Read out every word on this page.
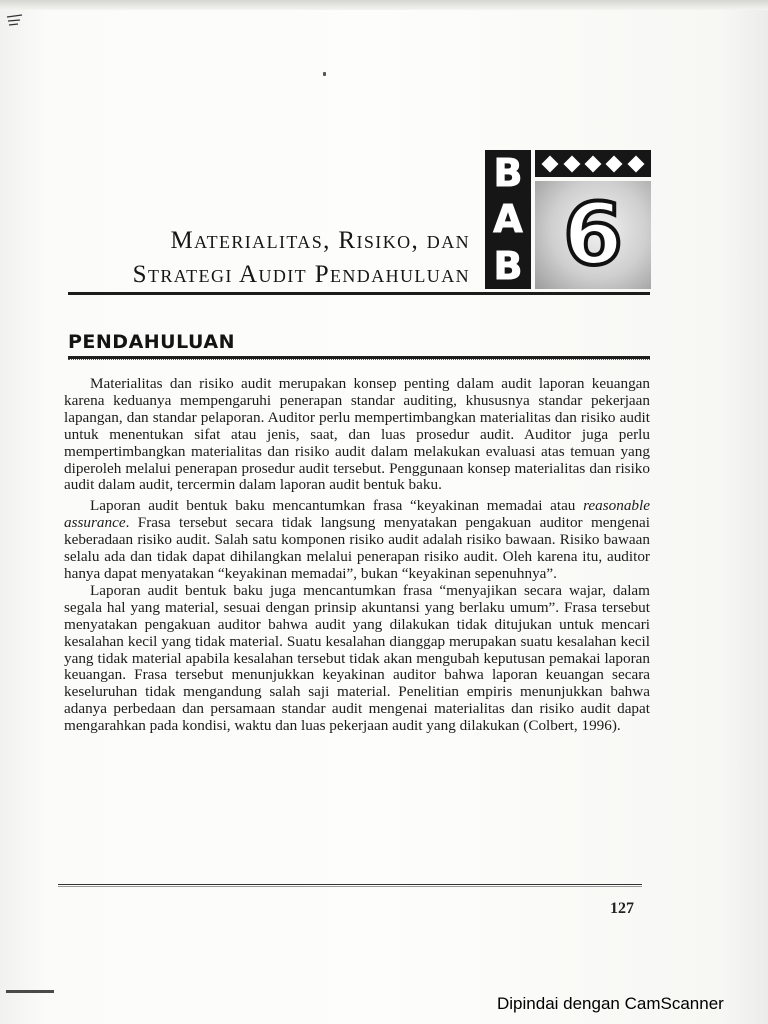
B
A
B 6
Materialitas, Risiko, dan
Strategi Audit Pendahuluan
PENDAHULUAN

Materialitas dan risiko audit merupakan konsep penting dalam audit laporan keuangan karena keduanya mempengaruhi penerapan standar auditing, khususnya standar pekerjaan lapangan, dan standar pelaporan. Auditor perlu mempertimbangkan materialitas dan risiko audit untuk menentukan sifat atau jenis, saat, dan luas prosedur audit. Auditor juga perlu mempertimbangkan materialitas dan risiko audit dalam melakukan evaluasi atas temuan yang diperoleh melalui penerapan prosedur audit tersebut. Penggunaan konsep materialitas dan risiko audit dalam audit, tercermin dalam laporan audit bentuk baku.

Laporan audit bentuk baku mencantumkan frasa “keyakinan memadai atau reasonable assurance. Frasa tersebut secara tidak langsung menyatakan pengakuan auditor mengenai keberadaan risiko audit. Salah satu komponen risiko audit adalah risiko bawaan. Risiko bawaan selalu ada dan tidak dapat dihilangkan melalui penerapan risiko audit. Oleh karena itu, auditor hanya dapat menyatakan “keyakinan memadai”, bukan “keyakinan sepenuhnya”.

Laporan audit bentuk baku juga mencantumkan frasa “menyajikan secara wajar, dalam segala hal yang material, sesuai dengan prinsip akuntansi yang berlaku umum”. Frasa tersebut menyatakan pengakuan auditor bahwa audit yang dilakukan tidak ditujukan untuk mencari kesalahan kecil yang tidak material. Suatu kesalahan dianggap merupakan suatu kesalahan kecil yang tidak material apabila kesalahan tersebut tidak akan mengubah keputusan pemakai laporan keuangan. Frasa tersebut menunjukkan keyakinan auditor bahwa laporan keuangan secara keseluruhan tidak mengandung salah saji material. Penelitian empiris menunjukkan bahwa adanya perbedaan dan persamaan standar audit mengenai materialitas dan risiko audit dapat mengarahkan pada kondisi, waktu dan luas pekerjaan audit yang dilakukan (Colbert, 1996).

127
Dipindai dengan CamScanner
